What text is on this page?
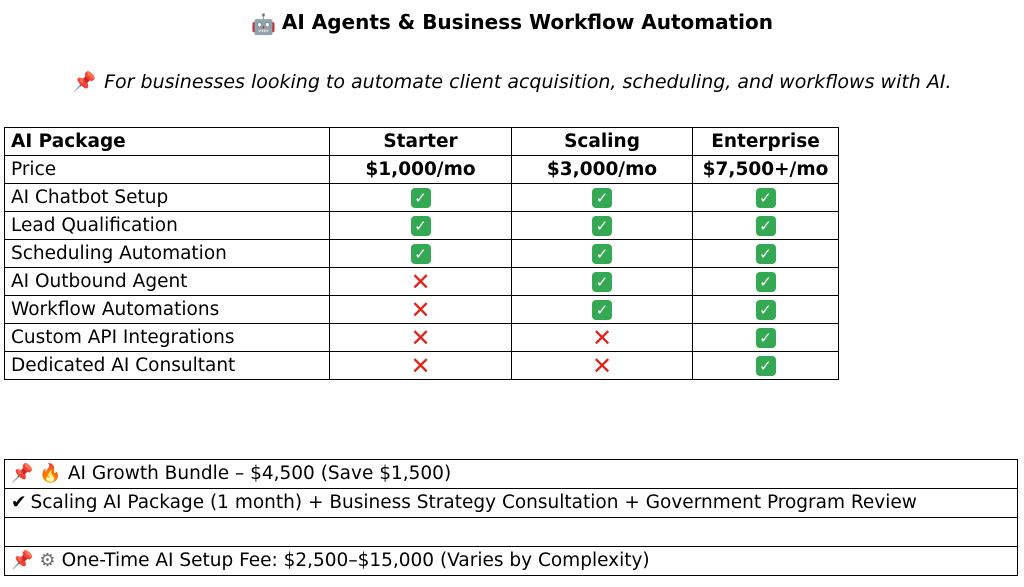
🤖 AI Agents & Business Workflow Automation
📌 For businesses looking to automate client acquisition, scheduling, and workflows with AI.
AI Package	Starter	Scaling	Enterprise
Price	$1,000/mo	$3,000/mo	$7,500+/mo
AI Chatbot Setup	✓	✓	✓
Lead Qualification	✓	✓	✓
Scheduling Automation	✓	✓	✓
AI Outbound Agent	✕	✓	✓
Workflow Automations	✕	✓	✓
Custom API Integrations	✕	✕	✓
Dedicated AI Consultant	✕	✕	✓
📌 🔥 AI Growth Bundle – $4,500 (Save $1,500)
✔ Scaling AI Package (1 month) + Business Strategy Consultation + Government Program Review

📌 ⚙ One-Time AI Setup Fee: $2,500–$15,000 (Varies by Complexity)
